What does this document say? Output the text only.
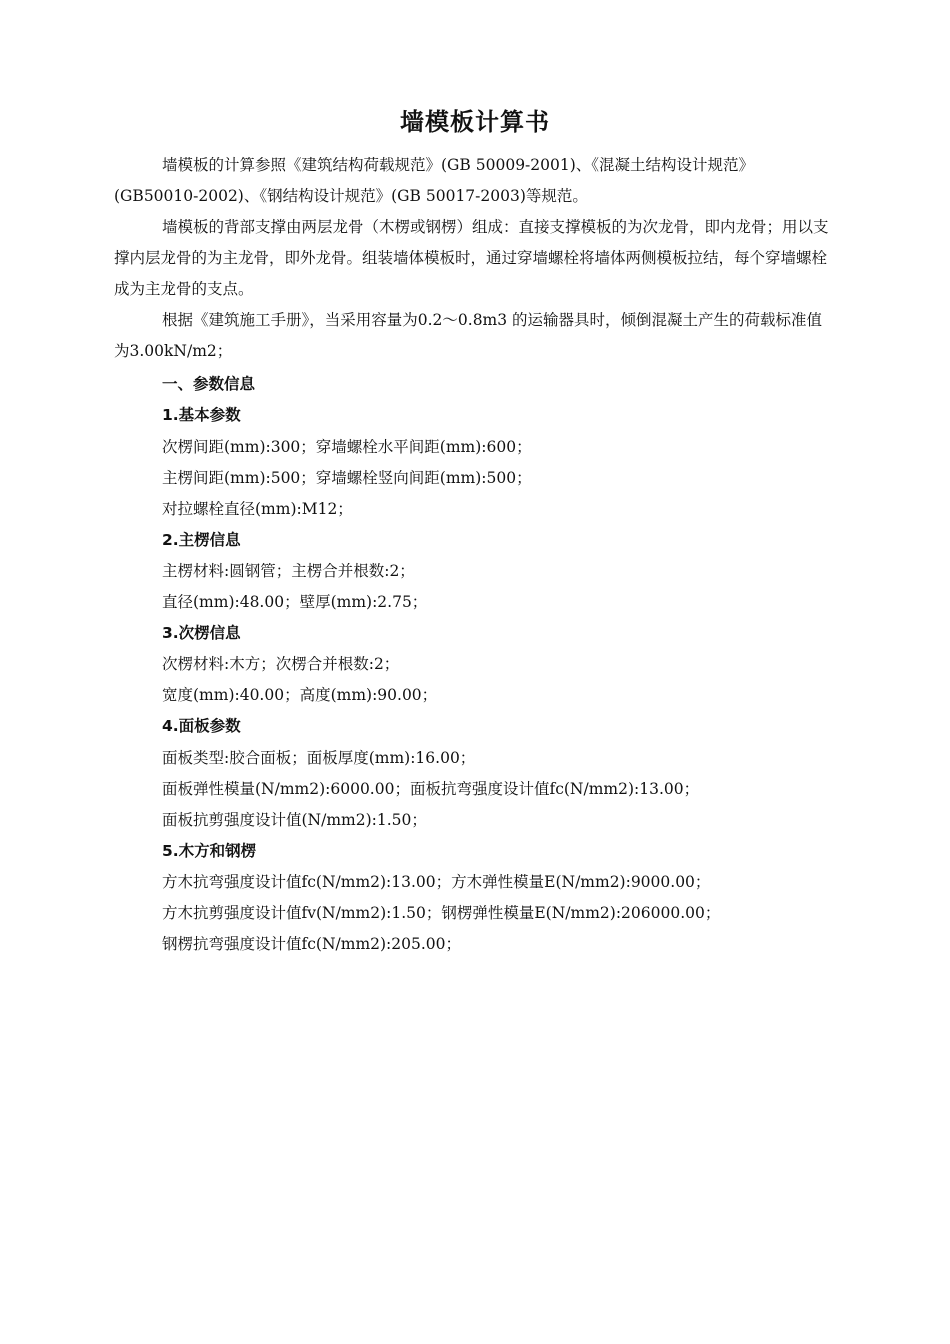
墙模板计算书

墙模板的计算参照《建筑结构荷载规范》(GB 50009-2001)、《混凝土结构设计规范》(GB50010-2002)、《钢结构设计规范》(GB 50017-2003)等规范。

墙模板的背部支撑由两层龙骨（木楞或钢楞）组成：直接支撑模板的为次龙骨，即内龙骨；用以支撑内层龙骨的为主龙骨，即外龙骨。组装墙体模板时，通过穿墙螺栓将墙体两侧模板拉结，每个穿墙螺栓成为主龙骨的支点。

根据《建筑施工手册》，当采用容量为0.2～0.8m3 的运输器具时，倾倒混凝土产生的荷载标准值为3.00kN/m2；

一、参数信息
1.基本参数

次楞间距(mm):300；穿墙螺栓水平间距(mm):600；

主楞间距(mm):500；穿墙螺栓竖向间距(mm):500；

对拉螺栓直径(mm):M12；

2.主楞信息

主楞材料:圆钢管；主楞合并根数:2；

直径(mm):48.00；壁厚(mm):2.75；

3.次楞信息

次楞材料:木方；次楞合并根数:2；

宽度(mm):40.00；高度(mm):90.00；

4.面板参数

面板类型:胶合面板；面板厚度(mm):16.00；

面板弹性模量(N/mm2):6000.00；面板抗弯强度设计值fc(N/mm2):13.00；

面板抗剪强度设计值(N/mm2):1.50；

5.木方和钢楞

方木抗弯强度设计值fc(N/mm2):13.00；方木弹性模量E(N/mm2):9000.00；

方木抗剪强度设计值fv(N/mm2):1.50；钢楞弹性模量E(N/mm2):206000.00；

钢楞抗弯强度设计值fc(N/mm2):205.00；
